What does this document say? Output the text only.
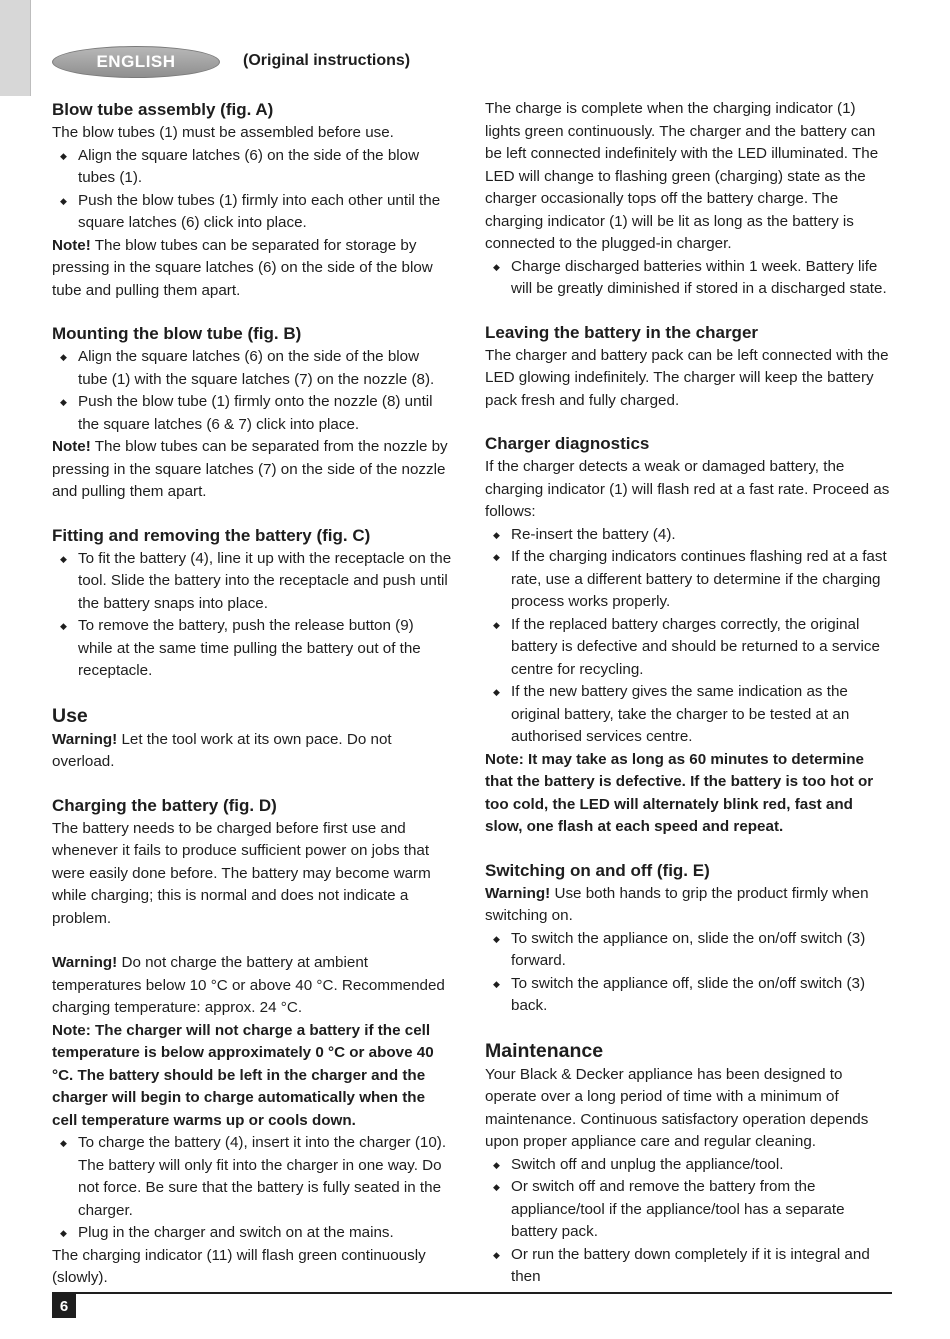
ENGLISH	(Original instructions)
Blow tube assembly (fig. A)

The blow tubes (1) must be assembled before use.

◆ Align the square latches (6) on the side of the blow tubes (1).
◆ Push the blow tubes (1) firmly into each other until the square latches (6) click into place.

Note! The blow tubes can be separated for storage by pressing in the square latches (6) on the side of the blow tube and pulling them apart.

Mounting the blow tube (fig. B)
◆ Align the square latches (6) on the side of the blow tube (1) with the square latches (7) on the nozzle (8).
◆ Push the blow tube (1) firmly onto the nozzle (8) until the square latches (6 & 7) click into place.

Note! The blow tubes can be separated from the nozzle by pressing in the square latches (7) on the side of the nozzle and pulling them apart.

Fitting and removing the battery (fig. C)
◆ To fit the battery (4), line it up with the receptacle on the tool. Slide the battery into the receptacle and push until the battery snaps into place.
◆ To remove the battery, push the release button (9) while at the same time pulling the battery out of the receptacle.
Use

Warning! Let the tool work at its own pace. Do not overload.

Charging the battery (fig. D)

The battery needs to be charged before first use and whenever it fails to produce sufficient power on jobs that were easily done before. The battery may become warm while charging; this is normal and does not indicate a problem.

Warning! Do not charge the battery at ambient temperatures below 10 °C or above 40 °C. Recommended charging temperature: approx. 24 °C.

Note: The charger will not charge a battery if the cell temperature is below approximately 0 °C or above 40 °C. The battery should be left in the charger and the charger will begin to charge automatically when the cell temperature warms up or cools down.

◆ To charge the battery (4), insert it into the charger (10). The battery will only fit into the charger in one way. Do not force. Be sure that the battery is fully seated in the charger.
◆ Plug in the charger and switch on at the mains.

The charging indicator (11) will flash green continuously (slowly).

The charge is complete when the charging indicator (1) lights green continuously. The charger and the battery can be left connected indefinitely with the LED illuminated. The LED will change to flashing green (charging) state as the charger occasionally tops off the battery charge. The charging indicator (1) will be lit as long as the battery is connected to the plugged-in charger.

◆ Charge discharged batteries within 1 week. Battery life will be greatly diminished if stored in a discharged state.
Leaving the battery in the charger

The charger and battery pack can be left connected with the LED glowing indefinitely. The charger will keep the battery pack fresh and fully charged.

Charger diagnostics

If the charger detects a weak or damaged battery, the charging indicator (1) will flash red at a fast rate. Proceed as follows:

◆ Re-insert the battery (4).
◆ If the charging indicators continues flashing red at a fast rate, use a different battery to determine if the charging process works properly.
◆ If the replaced battery charges correctly, the original battery is defective and should be returned to a service centre for recycling.
◆ If the new battery gives the same indication as the original battery, take the charger to be tested at an authorised services centre.

Note: It may take as long as 60 minutes to determine that the battery is defective. If the battery is too hot or too cold, the LED will alternately blink red, fast and slow, one flash at each speed and repeat.

Switching on and off (fig. E)

Warning! Use both hands to grip the product firmly when switching on.

◆ To switch the appliance on, slide the on/off switch (3) forward.
◆ To switch the appliance off, slide the on/off switch (3) back.
Maintenance

Your Black & Decker appliance has been designed to operate over a long period of time with a minimum of maintenance. Continuous satisfactory operation depends upon proper appliance care and regular cleaning.

◆ Switch off and unplug the appliance/tool.
◆ Or switch off and remove the battery from the appliance/tool if the appliance/tool has a separate battery pack.
◆ Or run the battery down completely if it is integral and then
6
